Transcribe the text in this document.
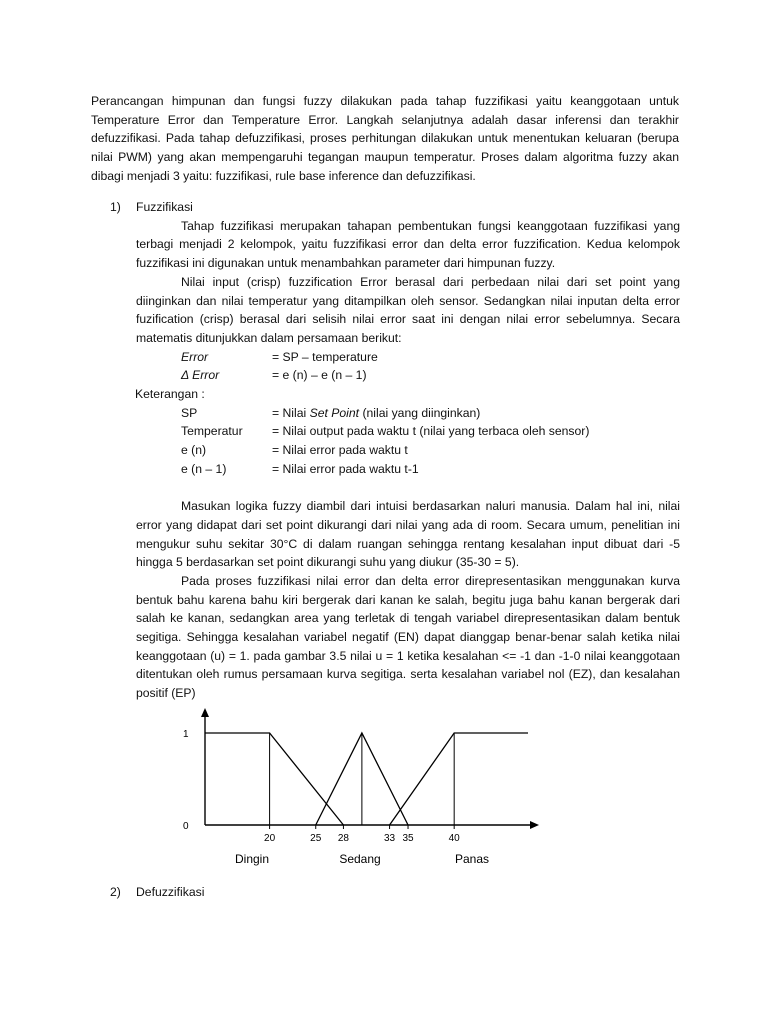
Perancangan himpunan dan fungsi fuzzy dilakukan pada tahap fuzzifikasi yaitu keanggotaan untuk Temperature Error dan Temperature Error. Langkah selanjutnya adalah dasar inferensi dan terakhir defuzzifikasi. Pada tahap defuzzifikasi, proses perhitungan dilakukan untuk menentukan keluaran (berupa nilai PWM) yang akan mempengaruhi tegangan maupun temperatur. Proses dalam algoritma fuzzy akan dibagi menjadi 3 yaitu: fuzzifikasi, rule base inference dan defuzzifikasi.

1) Fuzzifikasi

Tahap fuzzifikasi merupakan tahapan pembentukan fungsi keanggotaan fuzzifikasi yang terbagi menjadi 2 kelompok, yaitu fuzzifikasi error dan delta error fuzzification. Kedua kelompok fuzzifikasi ini digunakan untuk menambahkan parameter dari himpunan fuzzy.

Nilai input (crisp) fuzzification Error berasal dari perbedaan nilai dari set point yang diinginkan dan nilai temperatur yang ditampilkan oleh sensor. Sedangkan nilai inputan delta error fuzification (crisp) berasal dari selisih nilai error saat ini dengan nilai error sebelumnya. Secara matematis ditunjukkan dalam persamaan berikut:

Error	= SP – temperature
Δ Error	= e (n) – e (n – 1)

Keterangan :

SP	= Nilai Set Point (nilai yang diinginkan)
Temperatur = Nilai output pada waktu t (nilai yang terbaca oleh sensor)
e (n)	= Nilai error pada waktu t
e (n – 1)	= Nilai error pada waktu t-1

Masukan logika fuzzy diambil dari intuisi berdasarkan naluri manusia. Dalam hal ini, nilai error yang didapat dari set point dikurangi dari nilai yang ada di room. Secara umum, penelitian ini mengukur suhu sekitar 30°C di dalam ruangan sehingga rentang kesalahan input dibuat dari -5 hingga 5 berdasarkan set point dikurangi suhu yang diukur (35-30 = 5).

Pada proses fuzzifikasi nilai error dan delta error direpresentasikan menggunakan kurva bentuk bahu karena bahu kiri bergerak dari kanan ke salah, begitu juga bahu kanan bergerak dari salah ke kanan, sedangkan area yang terletak di tengah variabel direpresentasikan dalam bentuk segitiga. Sehingga kesalahan variabel negatif (EN) dapat dianggap benar-benar salah ketika nilai keanggotaan (u) = 1. pada gambar 3.5 nilai u = 1 ketika kesalahan <= -1 dan -1-0 nilai keanggotaan ditentukan oleh rumus persamaan kurva segitiga. serta kesalahan variabel nol (EZ), dan kesalahan positif (EP)

0
1
20	25 28	33 35	40
Dingin	Sedang	Panas
2) Defuzzifikasi
